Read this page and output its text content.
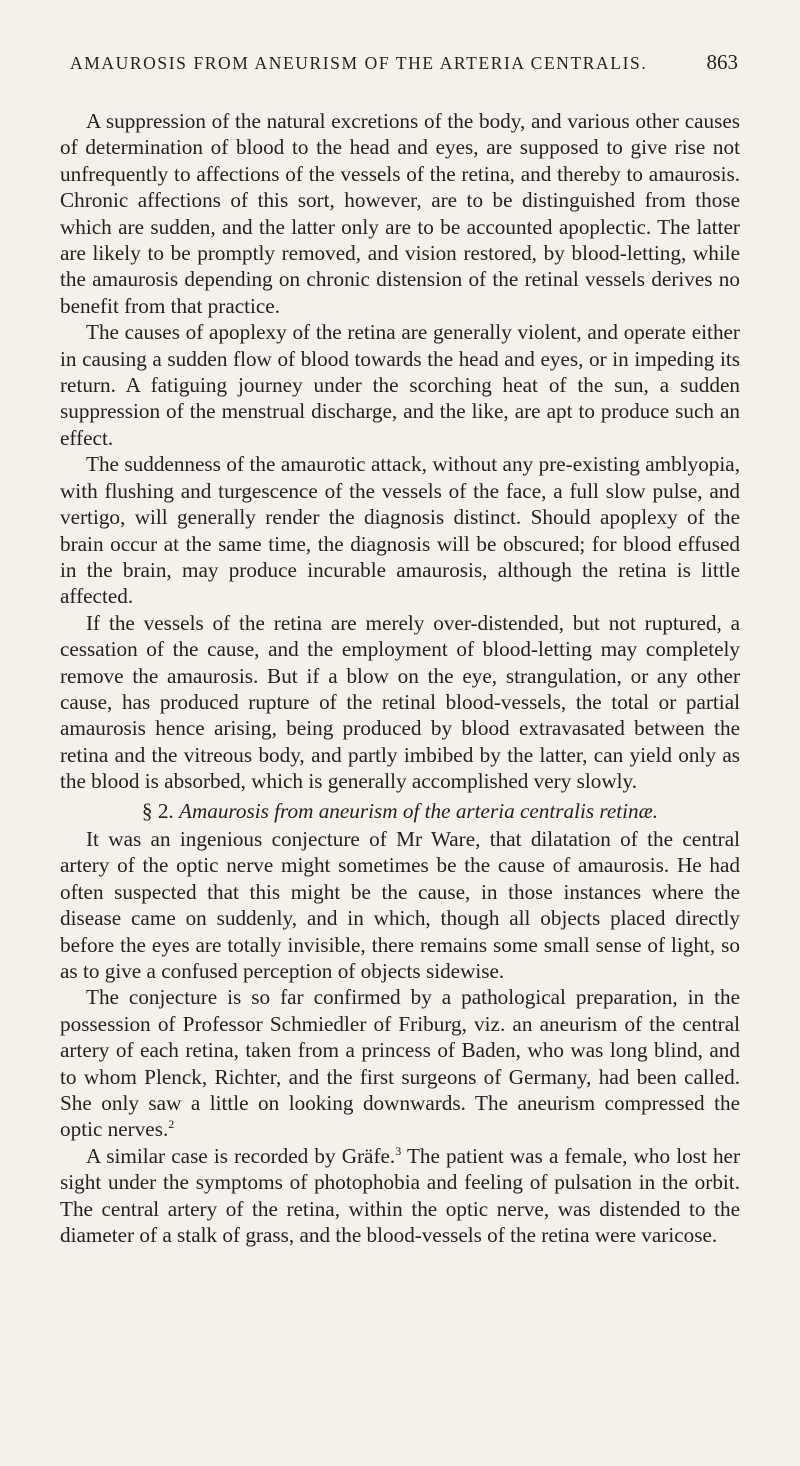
AMAUROSIS FROM ANEURISM OF THE ARTERIA CENTRALIS.	863

A suppression of the natural excretions of the body, and various other causes of determination of blood to the head and eyes, are supposed to give rise not unfrequently to affections of the vessels of the retina, and thereby to amaurosis. Chronic affections of this sort, however, are to be distinguished from those which are sudden, and the latter only are to be accounted apoplectic. The latter are likely to be promptly removed, and vision restored, by blood-letting, while the amaurosis depending on chronic distension of the retinal vessels derives no benefit from that practice.

The causes of apoplexy of the retina are generally violent, and operate either in causing a sudden flow of blood towards the head and eyes, or in impeding its return. A fatiguing journey under the scorching heat of the sun, a sudden suppression of the menstrual discharge, and the like, are apt to produce such an effect.

The suddenness of the amaurotic attack, without any pre-existing amblyopia, with flushing and turgescence of the vessels of the face, a full slow pulse, and vertigo, will generally render the diagnosis distinct. Should apoplexy of the brain occur at the same time, the diagnosis will be obscured; for blood effused in the brain, may produce incurable amaurosis, although the retina is little affected.

If the vessels of the retina are merely over-distended, but not ruptured, a cessation of the cause, and the employment of blood-letting may completely remove the amaurosis. But if a blow on the eye, strangulation, or any other cause, has produced rupture of the retinal blood-vessels, the total or partial amaurosis hence arising, being produced by blood extravasated between the retina and the vitreous body, and partly imbibed by the latter, can yield only as the blood is absorbed, which is generally accomplished very slowly.

§ 2. Amaurosis from aneurism of the arteria centralis retinæ.

It was an ingenious conjecture of Mr Ware, that dilatation of the central artery of the optic nerve might sometimes be the cause of amaurosis. He had often suspected that this might be the cause, in those instances where the disease came on suddenly, and in which, though all objects placed directly before the eyes are totally invisible, there remains some small sense of light, so as to give a confused perception of objects sidewise.

The conjecture is so far confirmed by a pathological preparation, in the possession of Professor Schmiedler of Friburg, viz. an aneurism of the central artery of each retina, taken from a princess of Baden, who was long blind, and to whom Plenck, Richter, and the first surgeons of Germany, had been called. She only saw a little on looking downwards. The aneurism compressed the optic nerves.$^2$

A similar case is recorded by Gräfe.$^3$ The patient was a female, who lost her sight under the symptoms of photophobia and feeling of pulsation in the orbit. The central artery of the retina, within the optic nerve, was distended to the diameter of a stalk of grass, and the blood-vessels of the retina were varicose.
